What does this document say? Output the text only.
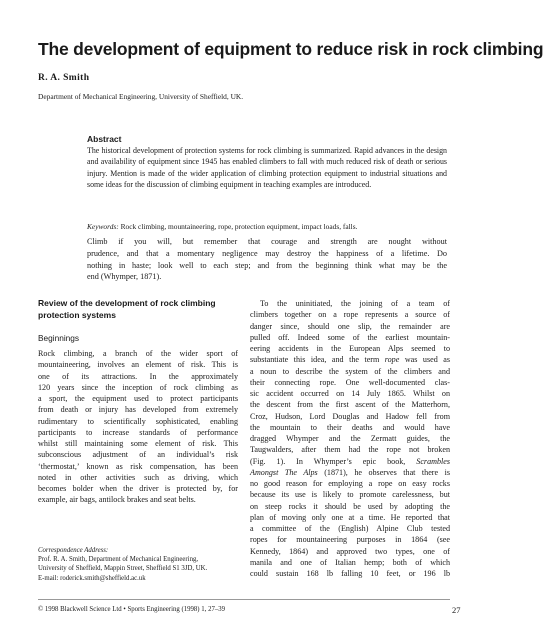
The development of equipment to reduce risk in rock climbing
R. A. Smith
Department of Mechanical Engineering, University of Sheffield, UK.
Abstract
The historical development of protection systems for rock climbing is summarized. Rapid advances in the design and availability of equipment since 1945 has enabled climbers to fall with much reduced risk of death or serious injury. Mention is made of the wider application of climbing protection equipment to industrial situations and some ideas for the discussion of climbing equipment in teaching examples are introduced.
Keywords: Rock climbing, mountaineering, rope, protection equipment, impact loads, falls.
Climb if you will, but remember that courage and strength are nought without
prudence, and that a momentary negligence may destroy the happiness of a lifetime. Do
nothing in haste; look well to each step; and from the beginning think what may be the
end (Whymper, 1871).
Review of the development of rock climbing protection systems
Beginnings
Rock climbing, a branch of the wider sport of
mountaineering, involves an element of risk. This is
one of its attractions. In the approximately
120 years since the inception of rock climbing as
a sport, the equipment used to protect participants
from death or injury has developed from extremely
rudimentary to scientifically sophisticated, enabling
participants to increase standards of performance
whilst still maintaining some element of risk. This
subconscious adjustment of an individual’s risk
‘thermostat,’ known as risk compensation, has been
noted in other activities such as driving, which
becomes bolder when the driver is protected by, for
example, air bags, antilock brakes and seat belts.
Correspondence Address:
Prof. R. A. Smith, Department of Mechanical Engineering,
University of Sheffield, Mappin Street, Sheffield S1 3JD, UK.
E-mail: roderick.smith@sheffield.ac.uk
To the uninitiated, the joining of a team of
climbers together on a rope represents a source of
danger since, should one slip, the remainder are
pulled off. Indeed some of the earliest mountain-
eering accidents in the European Alps seemed to
substantiate this idea, and the term rope was used as
a noun to describe the system of the climbers and
their connecting rope. One well-documented clas-
sic accident occurred on 14 July 1865. Whilst on
the descent from the first ascent of the Matterhorn,
Croz, Hudson, Lord Douglas and Hadow fell from
the mountain to their deaths and would have
dragged Whymper and the Zermatt guides, the
Taugwalders, after them had the rope not broken
(Fig. 1). In Whymper’s epic book, Scrambles
Amongst The Alps (1871), he observes that there is
no good reason for employing a rope on easy rocks
because its use is likely to promote carelessness, but
on steep rocks it should be used by adopting the
plan of moving only one at a time. He reported that
a committee of the (English) Alpine Club tested
ropes for mountaineering purposes in 1864 (see
Kennedy, 1864) and approved two types, one of
manila and one of Italian hemp; both of which
could sustain 168 lb falling 10 feet, or 196 lb
© 1998 Blackwell Science Ltd • Sports Engineering (1998) 1, 27–39	27
